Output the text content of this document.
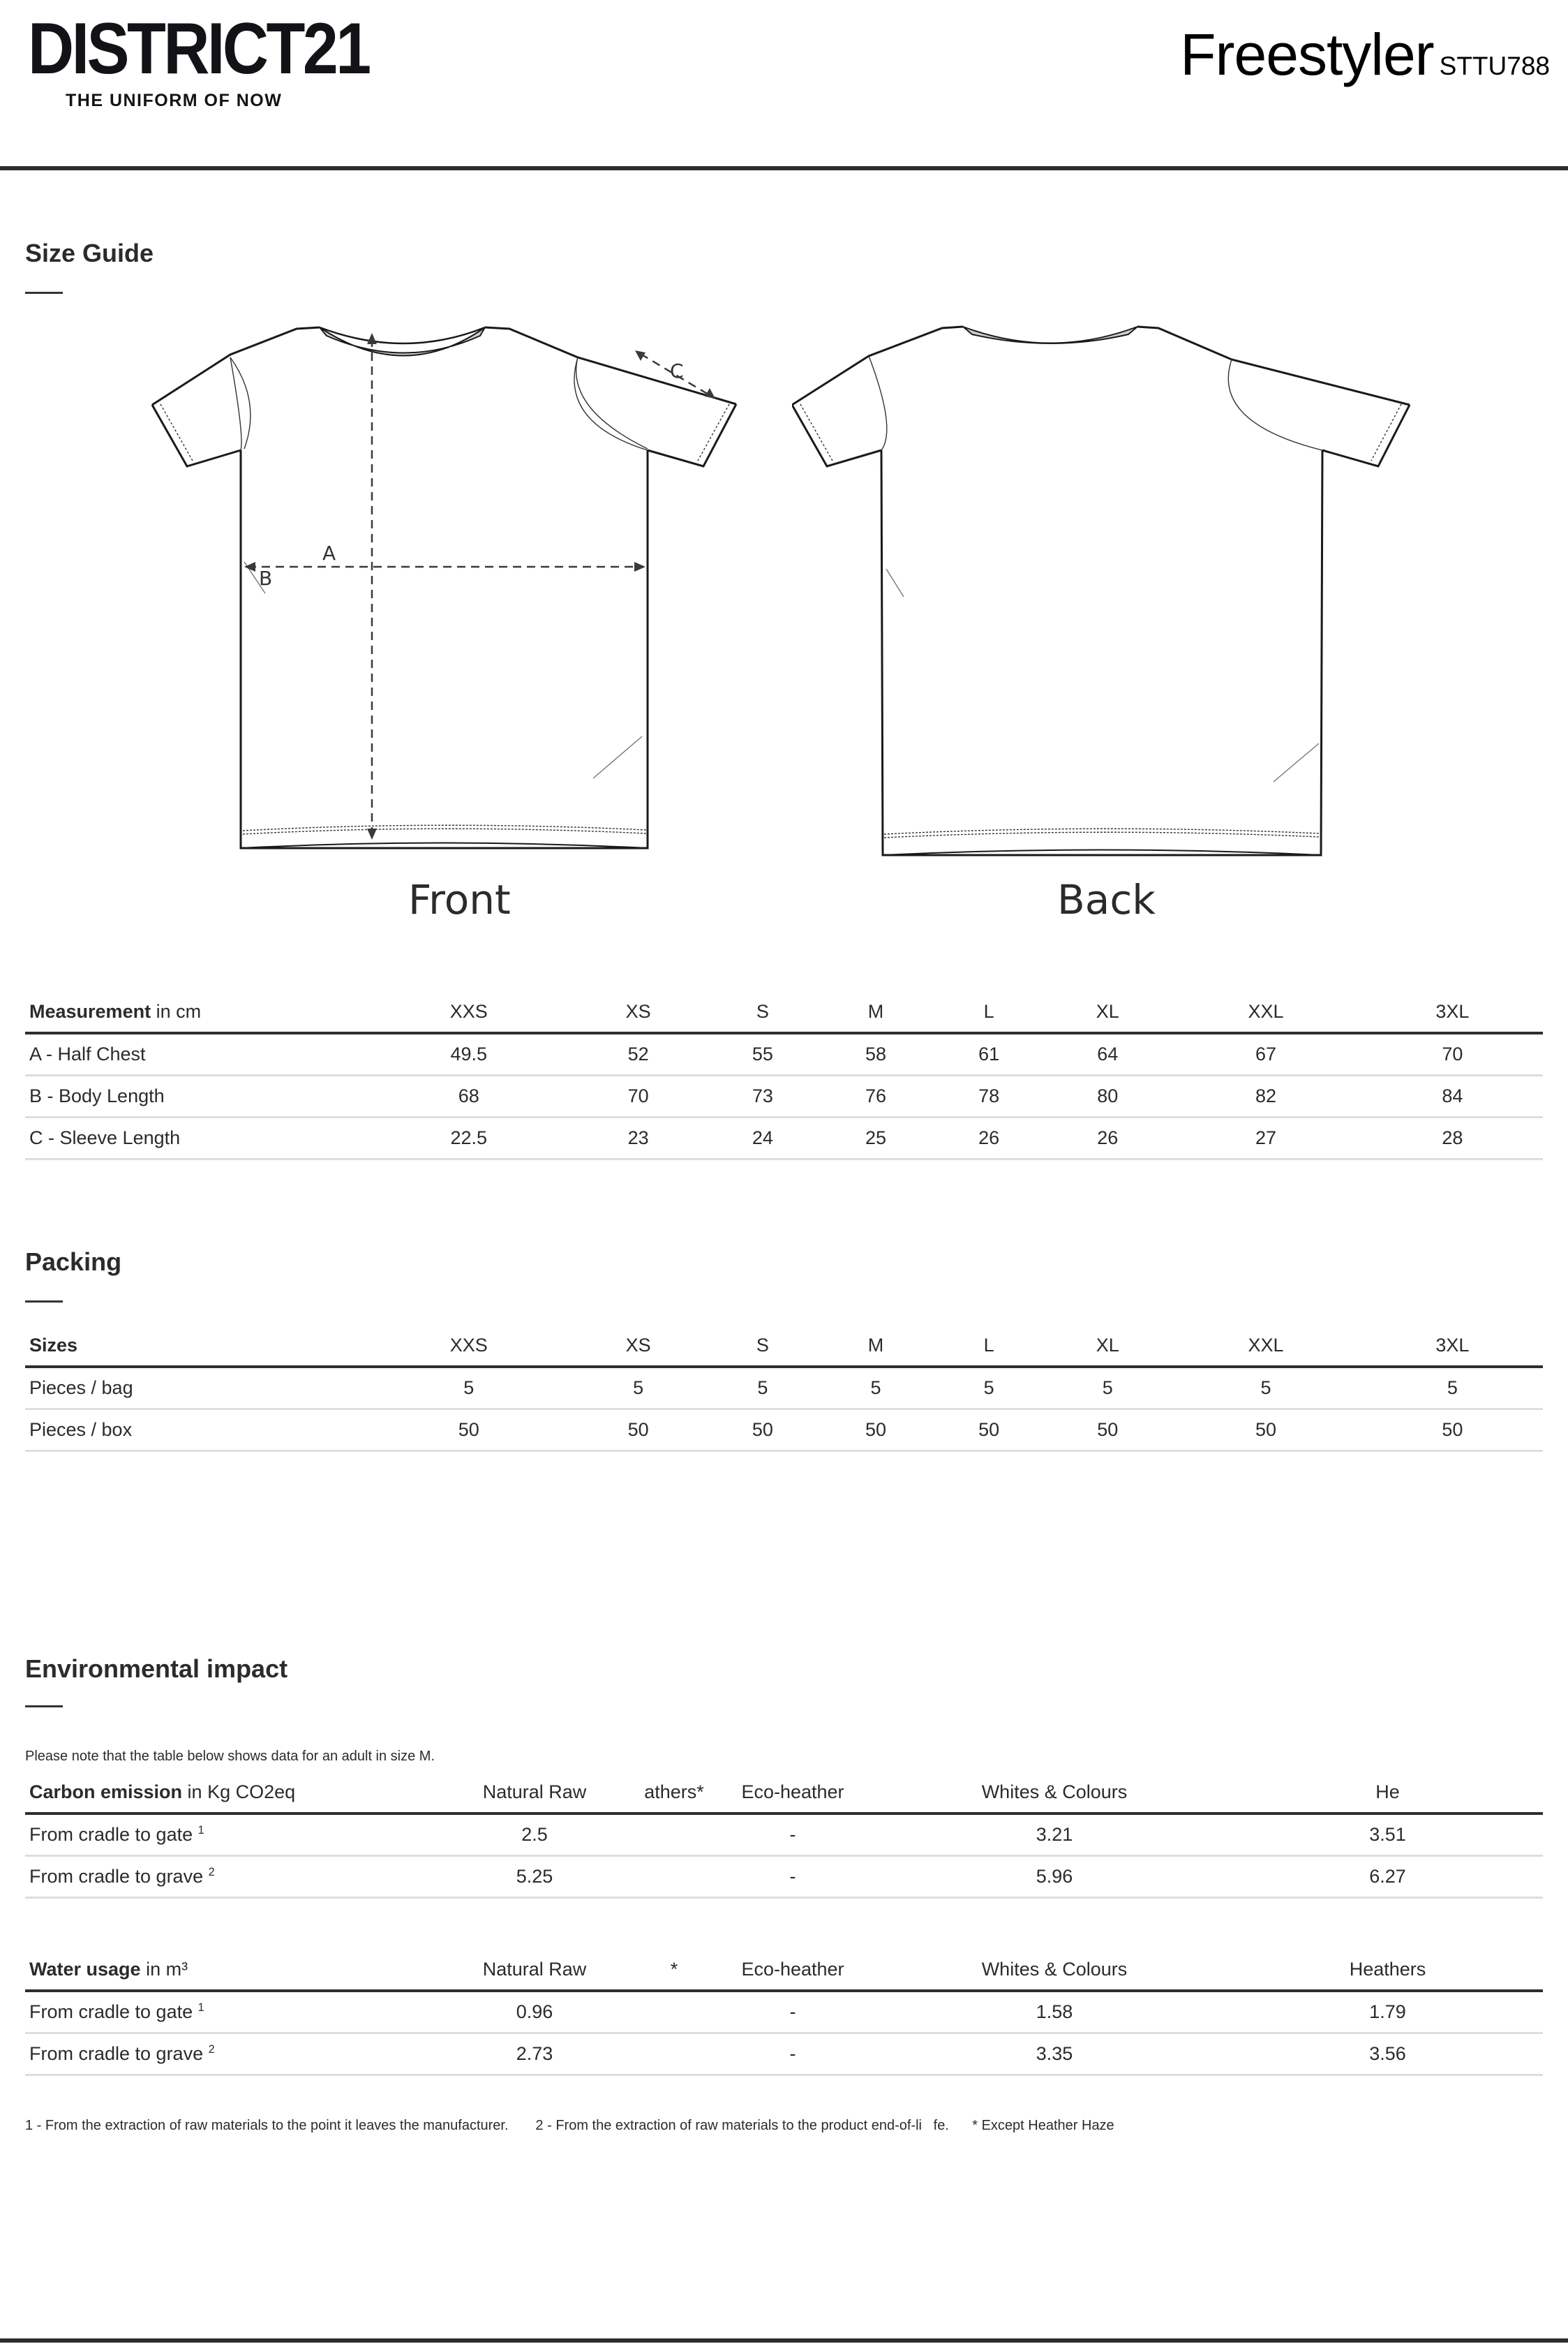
DISTRICT21
THE UNIFORM OF NOW
Freestyler STTU788
Size Guide
A
B
C
Front	Back
Measurement in cm	XXS	XS	S	M	L	XL	XXL	3XL
A - Half Chest	49.5	52	55	58	61	64	67	70
B - Body Length	68	70	73	76	78	80	82	84
C - Sleeve Length	22.5	23	24	25	26	26	27	28
Packing
Sizes	XXS	XS	S	M	L	XL	XXL	3XL
Pieces / bag	5	5	5	5	5	5	5	5
Pieces / box	50	50	50	50	50	50	50	50
Environmental impact
Please note that the table below shows data for an adult in size M.
Carbon emission in Kg CO2eq	Natural Raw	athers*	Eco-heather	Whites & Colours	He
From cradle to gate $^1$	2.5		-	3.21	3.51
From cradle to grave $^2$	5.25		-	5.96	6.27
Water usage in m³	Natural Raw	*	Eco-heather	Whites & Colours	Heathers
From cradle to gate $^1$	0.96		-	1.58	1.79
From cradle to grave $^2$	2.73		-	3.35	3.56
1 - From the extraction of raw materials to the point it leaves the manufacturer.       2 - From the extraction of raw materials to the product end-of-li   fe.      * Except Heather Haze
